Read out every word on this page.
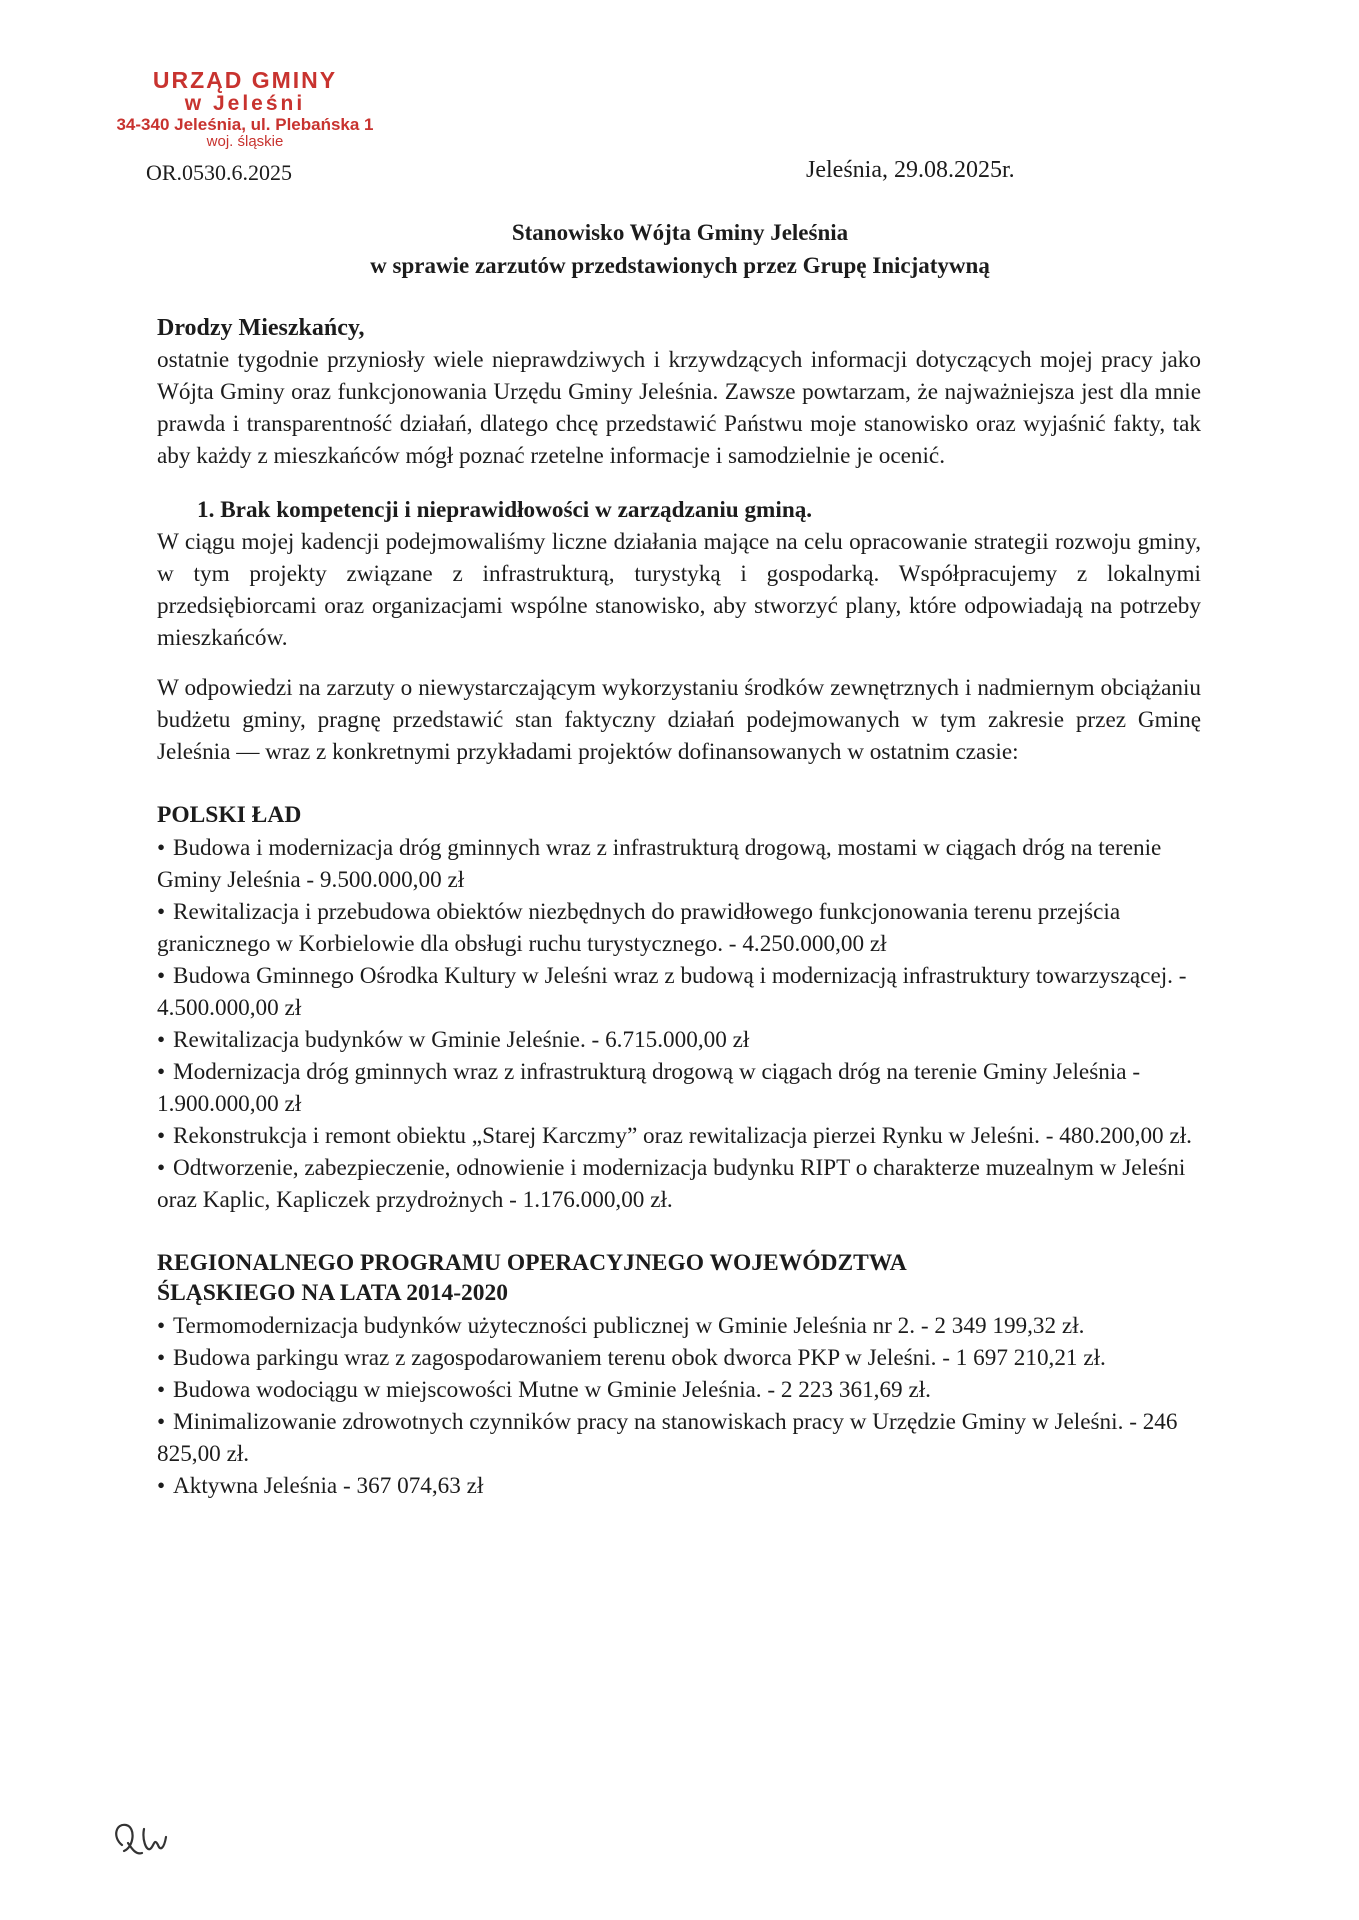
URZĄD GMINY
w Jeleśni
34-340 Jeleśnia, ul. Plebańska 1
woj. śląskie
OR.0530.6.2025	Jeleśnia, 29.08.2025r.
Stanowisko Wójta Gminy Jeleśnia
w sprawie zarzutów przedstawionych przez Grupę Inicjatywną

Drodzy Mieszkańcy,

ostatnie tygodnie przyniosły wiele nieprawdziwych i krzywdzących informacji dotyczących mojej pracy jako Wójta Gminy oraz funkcjonowania Urzędu Gminy Jeleśnia. Zawsze powtarzam, że najważniejsza jest dla mnie prawda i transparentność działań, dlatego chcę przedstawić Państwu moje stanowisko oraz wyjaśnić fakty, tak aby każdy z mieszkańców mógł poznać rzetelne informacje i samodzielnie je ocenić.

1. Brak kompetencji i nieprawidłowości w zarządzaniu gminą.

W ciągu mojej kadencji podejmowaliśmy liczne działania mające na celu opracowanie strategii rozwoju gminy, w tym projekty związane z infrastrukturą, turystyką i gospodarką. Współpracujemy z lokalnymi przedsiębiorcami oraz organizacjami wspólne stanowisko, aby stworzyć plany, które odpowiadają na potrzeby mieszkańców.

W odpowiedzi na zarzuty o niewystarczającym wykorzystaniu środków zewnętrznych i nadmiernym obciążaniu budżetu gminy, pragnę przedstawić stan faktyczny działań podejmowanych w tym zakresie przez Gminę Jeleśnia — wraz z konkretnymi przykładami projektów dofinansowanych w ostatnim czasie:

POLSKI ŁAD

• Budowa i modernizacja dróg gminnych wraz z infrastrukturą drogową, mostami w ciągach dróg na terenie Gminy Jeleśnia - 9.500.000,00 zł
• Rewitalizacja i przebudowa obiektów niezbędnych do prawidłowego funkcjonowania terenu przejścia granicznego w Korbielowie dla obsługi ruchu turystycznego. - 4.250.000,00 zł
• Budowa Gminnego Ośrodka Kultury w Jeleśni wraz z budową i modernizacją infrastruktury towarzyszącej. - 4.500.000,00 zł
• Rewitalizacja budynków w Gminie Jeleśnie. - 6.715.000,00 zł
• Modernizacja dróg gminnych wraz z infrastrukturą drogową w ciągach dróg na terenie Gminy Jeleśnia - 1.900.000,00 zł
• Rekonstrukcja i remont obiektu „Starej Karczmy” oraz rewitalizacja pierzei Rynku w Jeleśni. - 480.200,00 zł.
• Odtworzenie, zabezpieczenie, odnowienie i modernizacja budynku RIPT o charakterze muzealnym w Jeleśni oraz Kaplic, Kapliczek przydrożnych - 1.176.000,00 zł.
REGIONALNEGO PROGRAMU OPERACYJNEGO WOJEWÓDZTWA
ŚLĄSKIEGO NA LATA 2014-2020
• Termomodernizacja budynków użyteczności publicznej w Gminie Jeleśnia nr 2. - 2 349 199,32 zł.
• Budowa parkingu wraz z zagospodarowaniem terenu obok dworca PKP w Jeleśni. - 1 697 210,21 zł.
• Budowa wodociągu w miejscowości Mutne w Gminie Jeleśnia. - 2 223 361,69 zł.
• Minimalizowanie zdrowotnych czynników pracy na stanowiskach pracy w Urzędzie Gminy w Jeleśni. - 246 825,00 zł.
• Aktywna Jeleśnia - 367 074,63 zł
